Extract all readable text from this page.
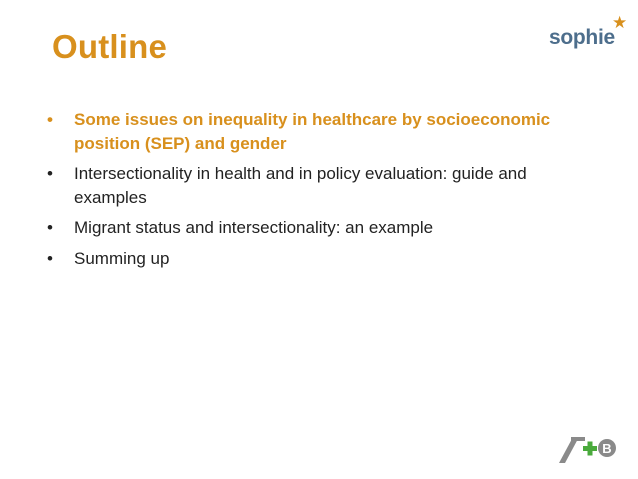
Outline	sophie
★
• Some issues on inequality in healthcare by socioeconomic position (SEP) and gender
• Intersectionality in health and in policy evaluation: guide and examples
• Migrant status and intersectionality: an example
• Summing up
B
